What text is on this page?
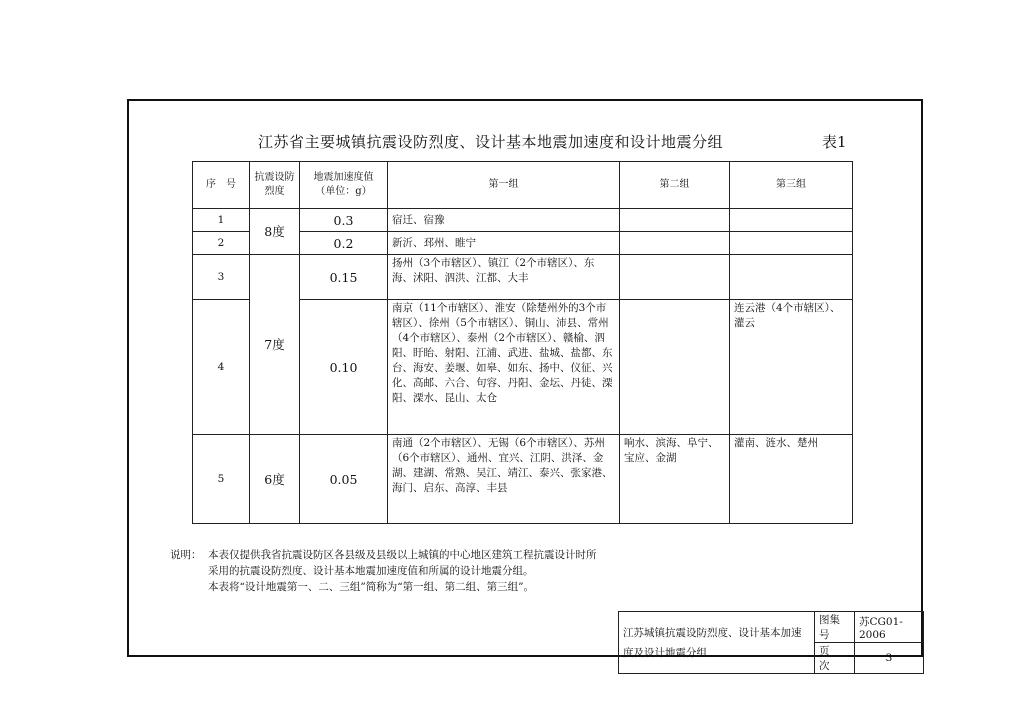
江苏省主要城镇抗震设防烈度、设计基本地震加速度和设计地震分组	表1
序　号	抗震设防烈度	地震加速度值（单位：g）	第一组	第二组	第三组
1	8度	0.3	宿迁、宿豫		
2		0.2	新沂、邳州、睢宁		
3	7度	0.15	扬州（3个市辖区）、镇江（2个市辖区）、东海、沭阳、泗洪、江都、大丰		
4		0.10	南京（11个市辖区）、淮安（除楚州外的3个市辖区）、徐州（5个市辖区）、铜山、沛县、常州（4个市辖区）、泰州（2个市辖区）、赣榆、泗阳、盱眙、射阳、江浦、武进、盐城、盐都、东台、海安、姜堰、如皋、如东、扬中、仪征、兴化、高邮、六合、句容、丹阳、金坛、丹徒、溧阳、溧水、昆山、太仓		连云港（4个市辖区）、灌云
5	6度	0.05	南通（2个市辖区）、无锡（6个市辖区）、苏州（6个市辖区）、通州、宜兴、江阴、洪泽、金湖、建湖、常熟、吴江、靖江、泰兴、张家港、海门、启东、高淳、丰县	响水、滨海、阜宁、宝应、金湖	灌南、涟水、楚州
说明： 本表仅提供我省抗震设防区各县级及县级以上城镇的中心地区建筑工程抗震设计时所采用的抗震设防烈度、设计基本地震加速度值和所属的设计地震分组。
本表将“设计地震第一、二、三组”简称为“第一组、第二组、第三组”。
江苏城镇抗震设防烈度、设计基本加速度及设计地震分组	图集号	苏CG01-2006
	页　次	3
